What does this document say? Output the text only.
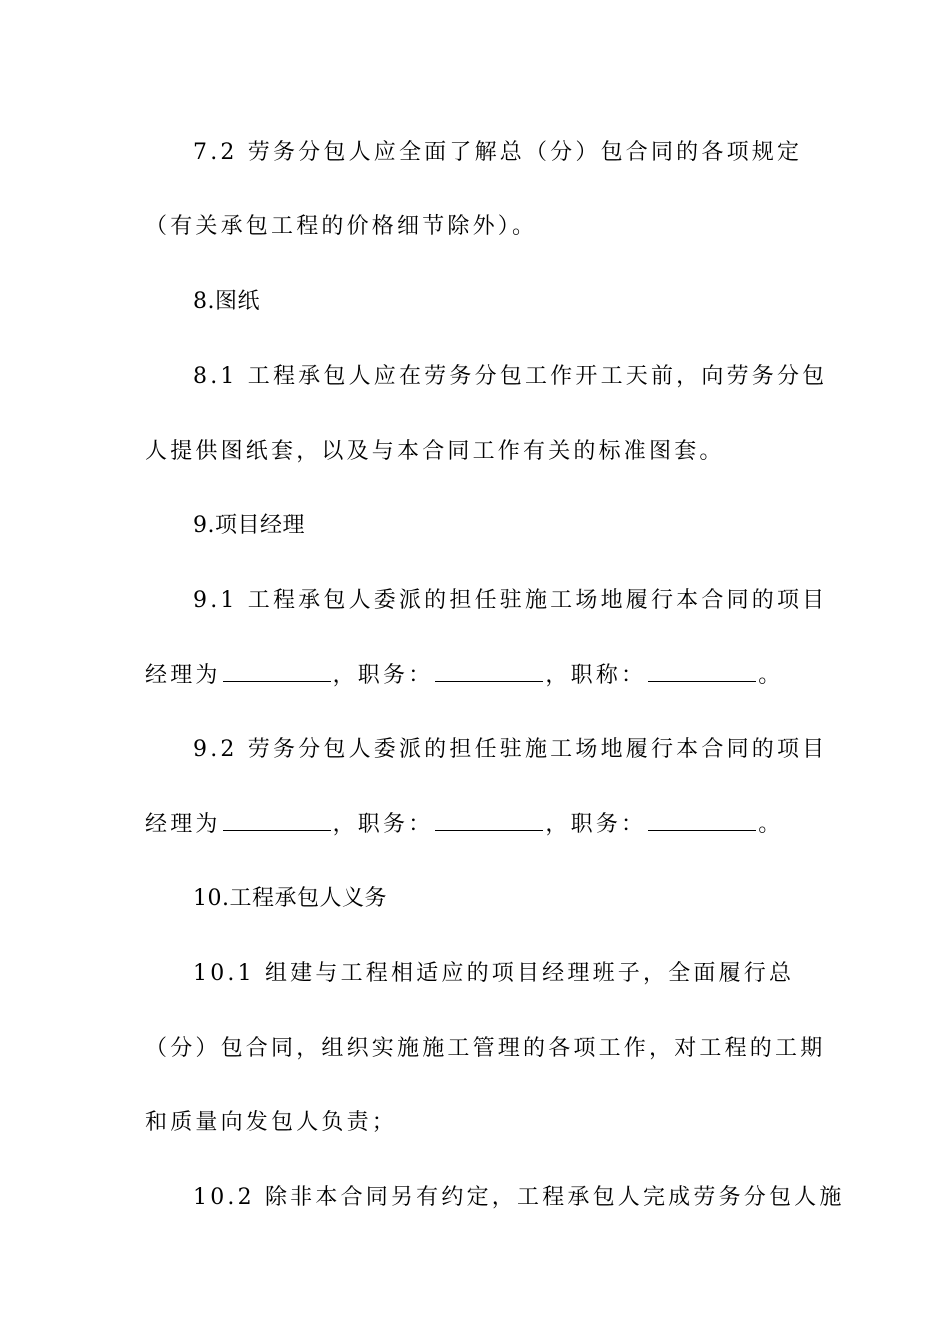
7.2 劳务分包人应全面了解总（分）包合同的各项规定
（有关承包工程的价格细节除外）。
8.图纸
8.1 工程承包人应在劳务分包工作开工天前，向劳务分包
人提供图纸套，以及与本合同工作有关的标准图套。
9.项目经理
9.1 工程承包人委派的担任驻施工场地履行本合同的项目
经理为	，职务：	，职称：	。
9.2 劳务分包人委派的担任驻施工场地履行本合同的项目
经理为	，职务：	，职务：	。
10.工程承包人义务
10.1 组建与工程相适应的项目经理班子，全面履行总
（分）包合同，组织实施施工管理的各项工作，对工程的工期
和质量向发包人负责；
10.2 除非本合同另有约定，工程承包人完成劳务分包人施
